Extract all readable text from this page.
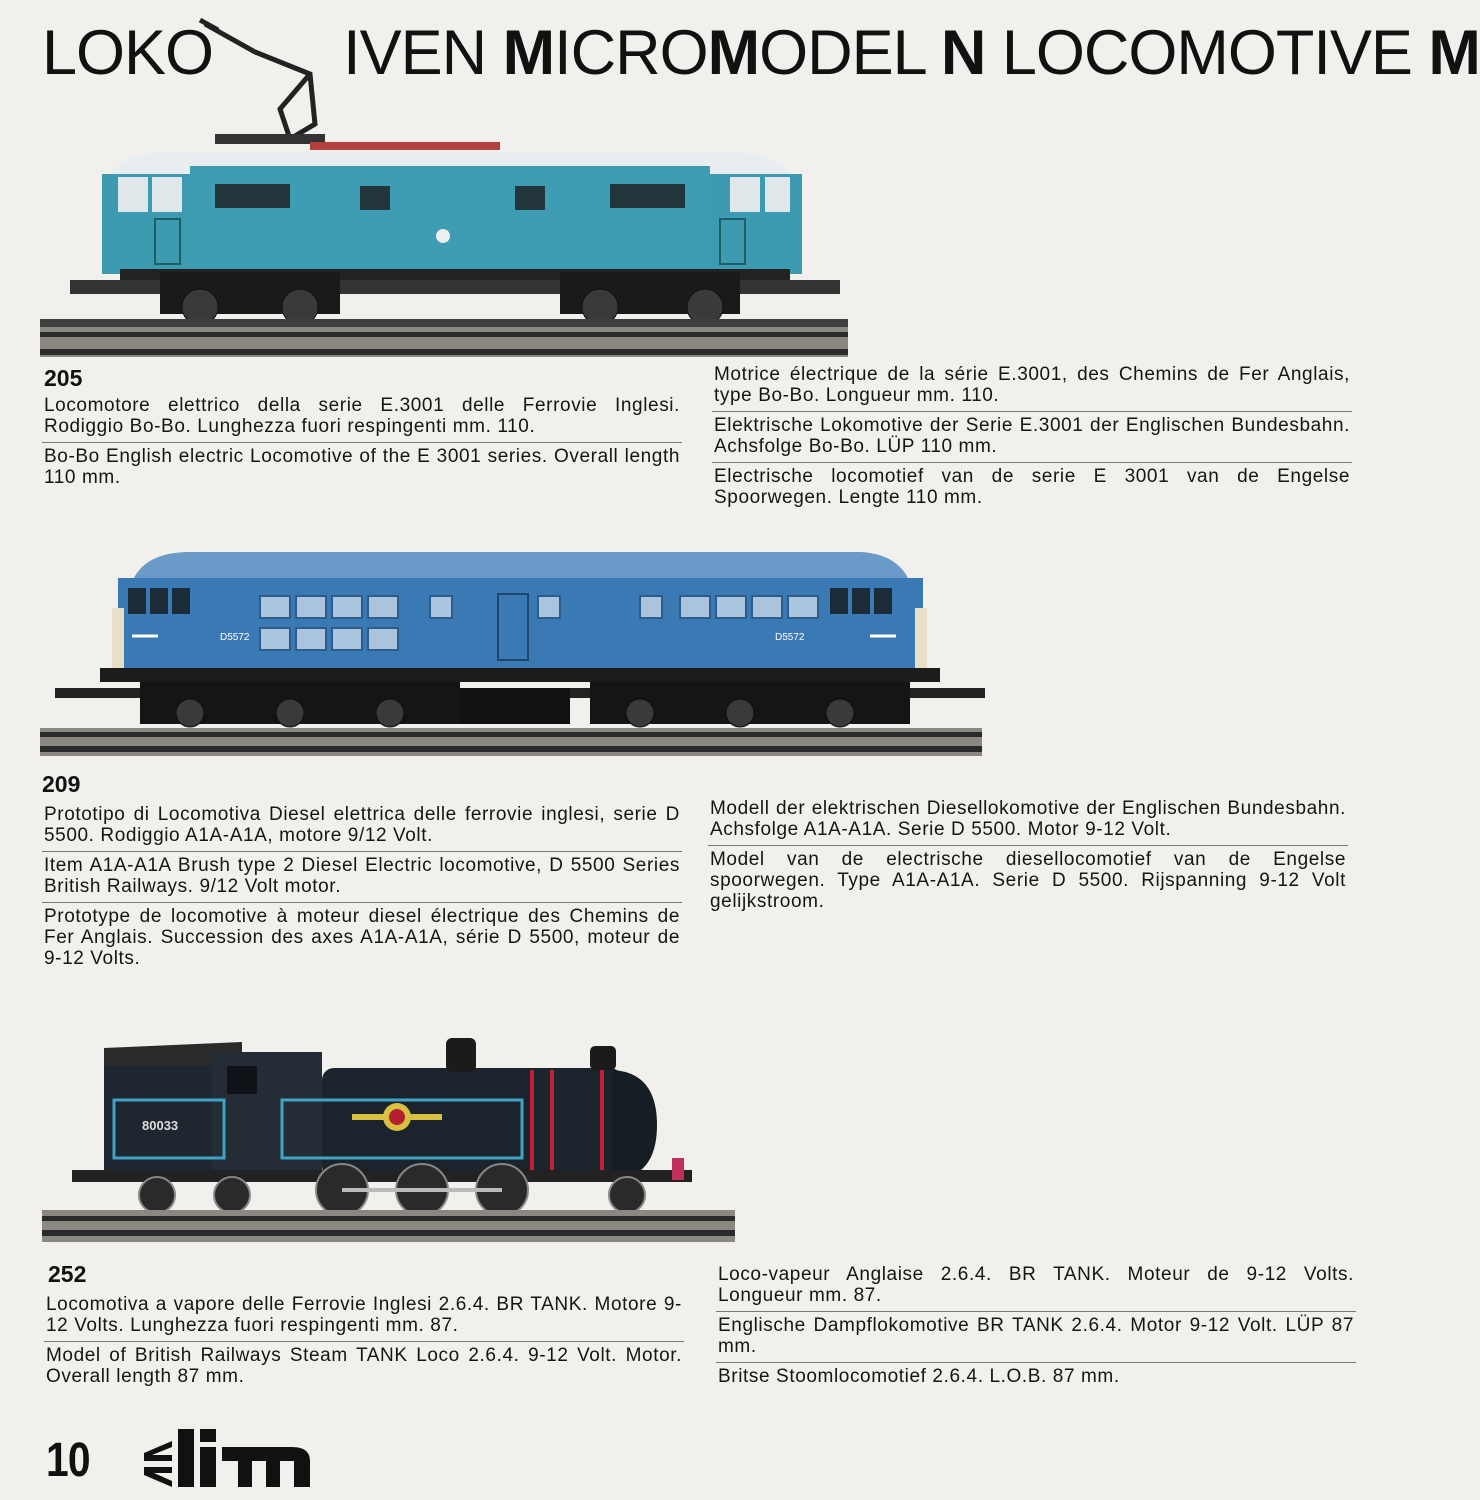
LOKO IVEN MICROMODEL N LOCOMOTIVE M
205

Locomotore elettrico della serie E.3001 delle Ferrovie Inglesi. Rodiggio Bo-Bo. Lunghezza fuori respingenti mm. 110.

Bo-Bo English electric Locomotive of the E 3001 series. Overall length 110 mm.

Motrice électrique de la série E.3001, des Chemins de Fer Anglais, type Bo-Bo. Longueur mm. 110.

Elektrische Lokomotive der Serie E.3001 der Englischen Bundesbahn. Achsfolge Bo-Bo. LÜP 110 mm.

Electrische locomotief van de serie E 3001 van de Engelse Spoorwegen. Lengte 110 mm.

D5572	D5572
209

Prototipo di Locomotiva Diesel elettrica delle ferrovie inglesi, serie D 5500. Rodiggio A1A-A1A, motore 9/12 Volt.

Item A1A-A1A Brush type 2 Diesel Electric locomotive, D 5500 Series British Railways. 9/12 Volt motor.

Prototype de locomotive à moteur diesel électrique des Chemins de Fer Anglais. Succession des axes A1A-A1A, série D 5500, moteur de 9-12 Volts.

Modell der elektrischen Diesellokomotive der Englischen Bundesbahn. Achsfolge A1A-A1A. Serie D 5500. Motor 9-12 Volt.

Model van de electrische diesellocomotief van de Engelse spoorwegen. Type A1A-A1A. Serie D 5500. Rijspanning 9-12 Volt gelijkstroom.

80033
252

Locomotiva a vapore delle Ferrovie Inglesi 2.6.4. BR TANK. Motore 9-12 Volts. Lunghezza fuori respingenti mm. 87.

Model of British Railways Steam TANK Loco 2.6.4. 9-12 Volt. Motor. Overall length 87 mm.

Loco-vapeur Anglaise 2.6.4. BR TANK. Moteur de 9-12 Volts. Longueur mm. 87.

Englische Dampflokomotive BR TANK 2.6.4. Motor 9-12 Volt. LÜP 87 mm.

Britse Stoomlocomotief 2.6.4. L.O.B. 87 mm.

10
lima
